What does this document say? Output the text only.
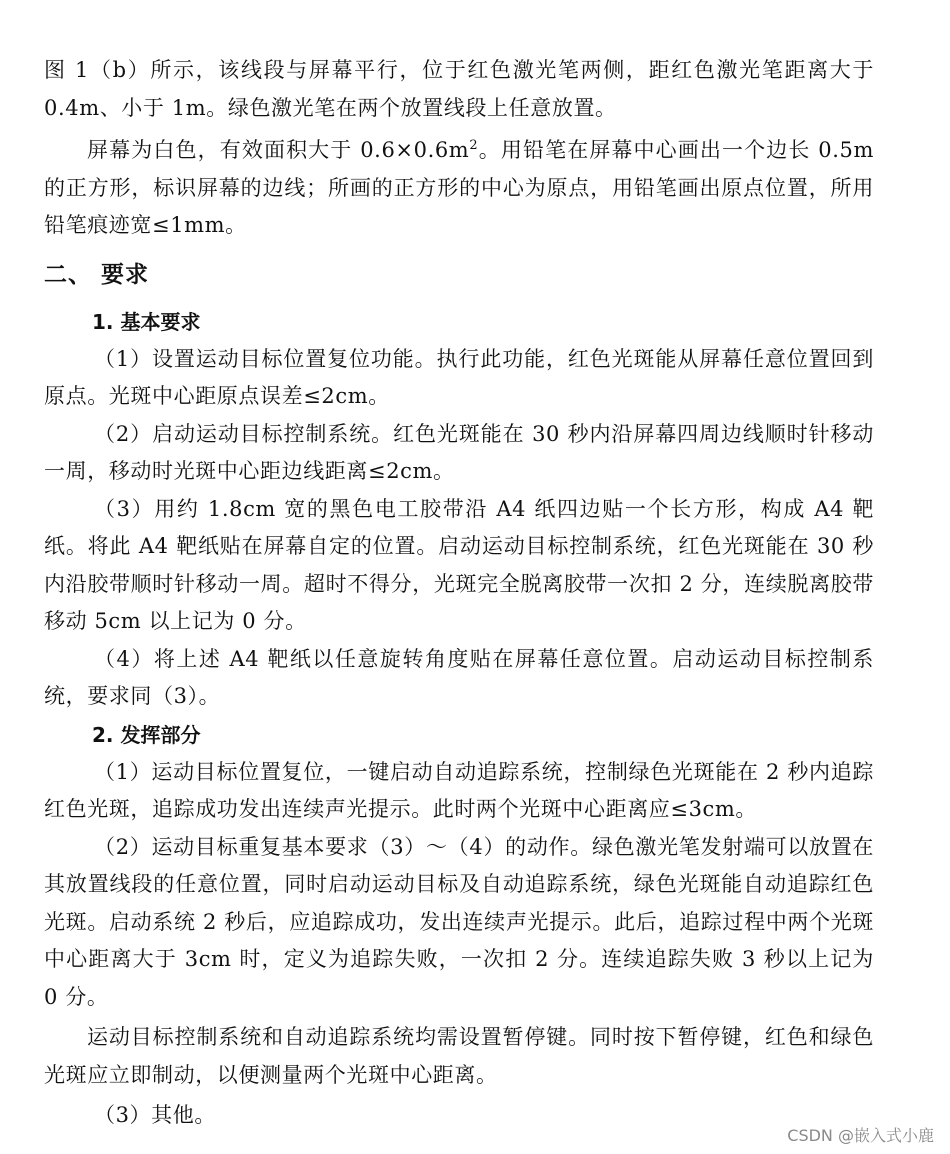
图 1（b）所示，该线段与屏幕平行，位于红色激光笔两侧，距红色激光笔距离大于 0.4m、小于 1m。绿色激光笔在两个放置线段上任意放置。

屏幕为白色，有效面积大于 $0.6\times 0.6m^2$。用铅笔在屏幕中心画出一个边长 0.5m 的正方形，标识屏幕的边线；所画的正方形的中心为原点，用铅笔画出原点位置，所用铅笔痕迹宽≤1mm。

二、 要求
1. 基本要求

（1）设置运动目标位置复位功能。执行此功能，红色光斑能从屏幕任意位置回到原点。光斑中心距原点误差≤2cm。

（2）启动运动目标控制系统。红色光斑能在 30 秒内沿屏幕四周边线顺时针移动一周，移动时光斑中心距边线距离≤2cm。

（3）用约 1.8cm 宽的黑色电工胶带沿 A4 纸四边贴一个长方形，构成 A4 靶纸。将此 A4 靶纸贴在屏幕自定的位置。启动运动目标控制系统，红色光斑能在 30 秒内沿胶带顺时针移动一周。超时不得分，光斑完全脱离胶带一次扣 2 分，连续脱离胶带移动 5cm 以上记为 0 分。

（4）将上述 A4 靶纸以任意旋转角度贴在屏幕任意位置。启动运动目标控制系统，要求同（3）。

2. 发挥部分

（1）运动目标位置复位，一键启动自动追踪系统，控制绿色光斑能在 2 秒内追踪红色光斑，追踪成功发出连续声光提示。此时两个光斑中心距离应≤3cm。

（2）运动目标重复基本要求（3）～（4）的动作。绿色激光笔发射端可以放置在其放置线段的任意位置，同时启动运动目标及自动追踪系统，绿色光斑能自动追踪红色光斑。启动系统 2 秒后，应追踪成功，发出连续声光提示。此后，追踪过程中两个光斑中心距离大于 3cm 时，定义为追踪失败，一次扣 2 分。连续追踪失败 3 秒以上记为 0 分。

运动目标控制系统和自动追踪系统均需设置暂停键。同时按下暂停键，红色和绿色光斑应立即制动，以便测量两个光斑中心距离。

（3）其他。

CSDN @嵌入式小鹿
